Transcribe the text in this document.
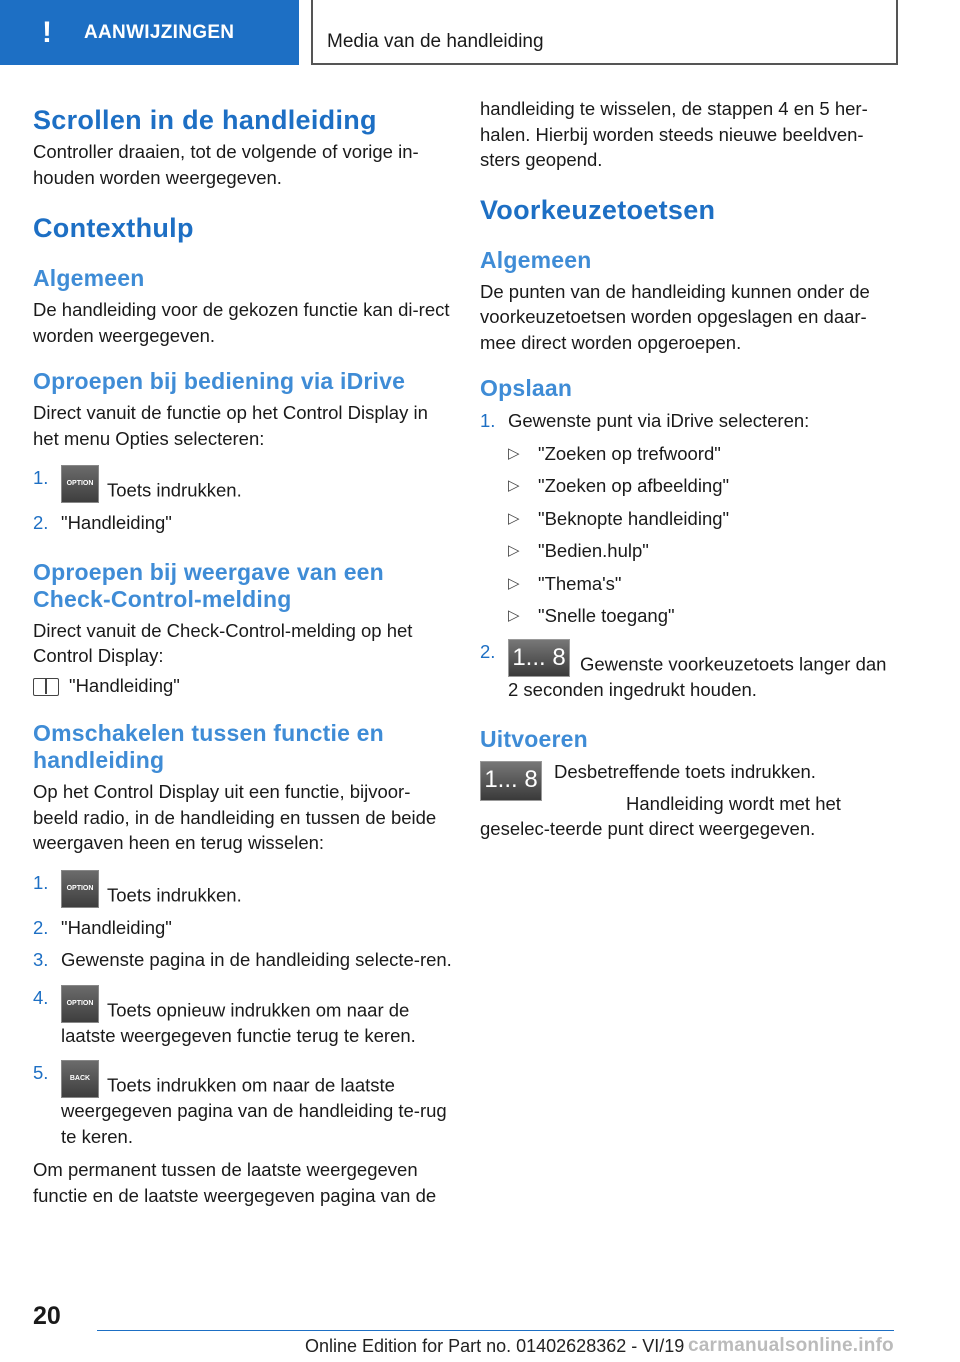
! AANWIJZINGEN	Media van de handleiding
Scrollen in de handleiding

Controller draaien, tot de volgende of vorige in-houden worden weergegeven.

Contexthulp
Algemeen

De handleiding voor de gekozen functie kan di-rect worden weergegeven.

Oproepen bij bediening via iDrive

Direct vanuit de functie op het Control Display in het menu Opties selecteren:

1.	OPTION Toets indrukken.
2. "Handleiding"
Oproepen bij weergave van een Check-Control-melding

Direct vanuit de Check-Control-melding op het Control Display:

"Handleiding"

Omschakelen tussen functie en handleiding

Op het Control Display uit een functie, bijvoor-beeld radio, in de handleiding en tussen de beide weergaven heen en terug wisselen:

1.	OPTION Toets indrukken.
2. "Handleiding"
3. Gewenste pagina in de handleiding selecte-ren.
4.	OPTION Toets opnieuw indrukken om naar de laatste weergegeven functie terug te keren.
5.	BACK Toets indrukken om naar de laatste weergegeven pagina van de handleiding te-rug te keren.

Om permanent tussen de laatste weergegeven functie en de laatste weergegeven pagina van de

handleiding te wisselen, de stappen 4 en 5 her-halen. Hierbij worden steeds nieuwe beeldven-sters geopend.

Voorkeuzetoetsen
Algemeen

De punten van de handleiding kunnen onder de voorkeuzetoetsen worden opgeslagen en daar-mee direct worden opgeroepen.

Opslaan
1. Gewenste punt via iDrive selecteren:
▷ "Zoeken op trefwoord"
▷ "Zoeken op afbeelding"
▷ "Beknopte handleiding"
▷ "Bedien.hulp"
▷ "Thema's"
▷ "Snelle toegang"
2. 1... 8 Gewenste voorkeuzetoets langer dan 2 seconden ingedrukt houden.
Uitvoeren
1... 8 Desbetreffende toets indrukken.

Handleiding wordt met het geselec-teerde punt direct weergegeven.

20
Online Edition for Part no. 01402628362 - VI/19 carmanualsonline.info
